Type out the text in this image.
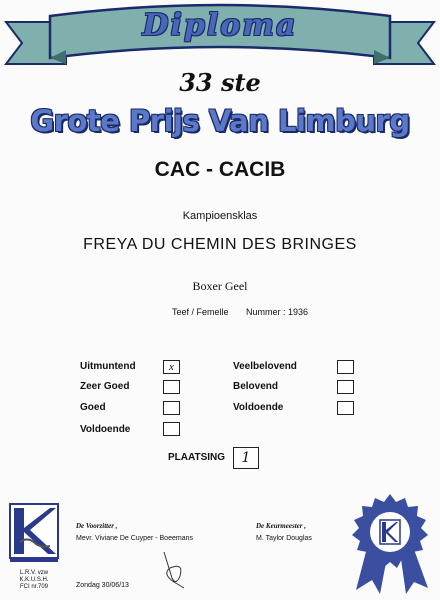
Diploma
33 ste
Grote Prijs Van Limburg
CAC - CACIB
Kampioensklas
FREYA DU CHEMIN DES BRINGES
Boxer Geel
Teef / Femelle Nummer : 1936
Uitmuntend	x
Zeer Goed
Goed
Voldoende
Veelbelovend
Belovend
Voldoende
PLAATSING	1
L.R.V. vzw
K.K.U.S.H.
FCI nr.709
De Voorzitter ,
Mevr. Viviane De Cuyper - Boeemans
De Keurmeester ,
M. Taylor Douglas
Zondag 30/06/13
